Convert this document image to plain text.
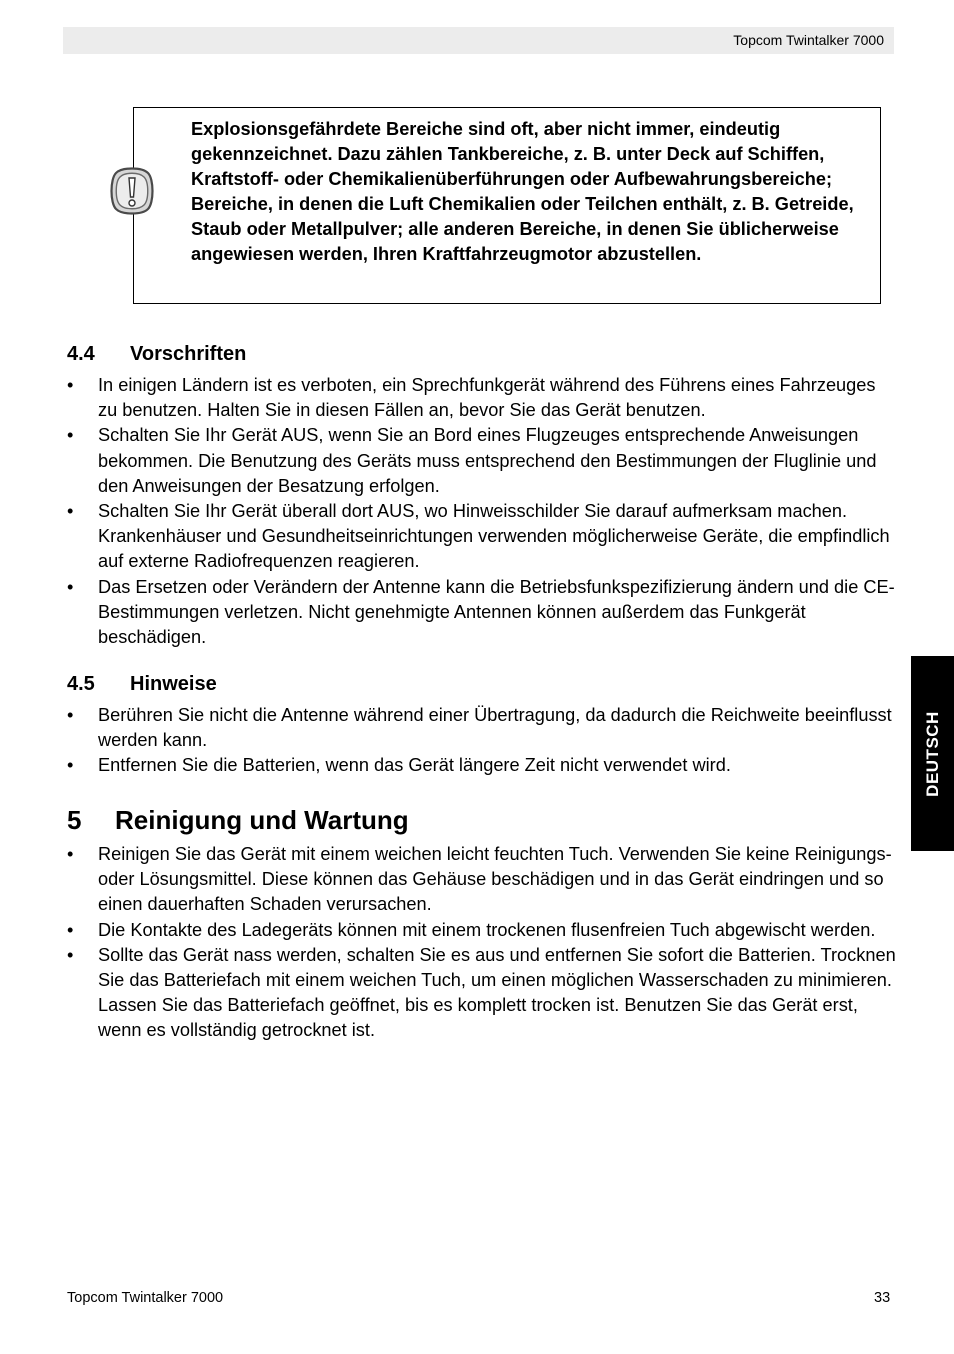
Topcom Twintalker 7000
Explosionsgefährdete Bereiche sind oft, aber nicht immer, eindeutig gekennzeichnet. Dazu zählen Tankbereiche, z. B. unter Deck auf Schiffen, Kraftstoff- oder Chemikalienüberführungen oder Aufbewahrungsbereiche; Bereiche, in denen die Luft Chemikalien oder Teilchen enthält, z. B. Getreide, Staub oder Metallpulver; alle anderen Bereiche, in denen Sie üblicherweise angewiesen werden, Ihren Kraftfahrzeugmotor abzustellen.
4.4 Vorschriften
• In einigen Ländern ist es verboten, ein Sprechfunkgerät während des Führens eines Fahrzeuges zu benutzen. Halten Sie in diesen Fällen an, bevor Sie das Gerät benutzen.
• Schalten Sie Ihr Gerät AUS, wenn Sie an Bord eines Flugzeuges entsprechende Anweisungen bekommen. Die Benutzung des Geräts muss entsprechend den Bestimmungen der Fluglinie und den Anweisungen der Besatzung erfolgen.
• Schalten Sie Ihr Gerät überall dort AUS, wo Hinweisschilder Sie darauf aufmerksam machen. Krankenhäuser und Gesundheitseinrichtungen verwenden möglicherweise Geräte, die empfindlich auf externe Radiofrequenzen reagieren.
• Das Ersetzen oder Verändern der Antenne kann die Betriebsfunkspezifizierung ändern und die CE-Bestimmungen verletzen. Nicht genehmigte Antennen können außerdem das Funkgerät beschädigen.
4.5 Hinweise
• Berühren Sie nicht die Antenne während einer Übertragung, da dadurch die Reichweite beeinflusst werden kann.
• Entfernen Sie die Batterien, wenn das Gerät längere Zeit nicht verwendet wird.
5 Reinigung und Wartung
• Reinigen Sie das Gerät mit einem weichen leicht feuchten Tuch. Verwenden Sie keine Reinigungs- oder Lösungsmittel. Diese können das Gehäuse beschädigen und in das Gerät eindringen und so einen dauerhaften Schaden verursachen.
• Die Kontakte des Ladegeräts können mit einem trockenen flusenfreien Tuch abgewischt werden.
• Sollte das Gerät nass werden, schalten Sie es aus und entfernen Sie sofort die Batterien. Trocknen Sie das Batteriefach mit einem weichen Tuch, um einen möglichen Wasserschaden zu minimieren. Lassen Sie das Batteriefach geöffnet, bis es komplett trocken ist. Benutzen Sie das Gerät erst, wenn es vollständig getrocknet ist.
DEUTSCH
Topcom Twintalker 7000	33
